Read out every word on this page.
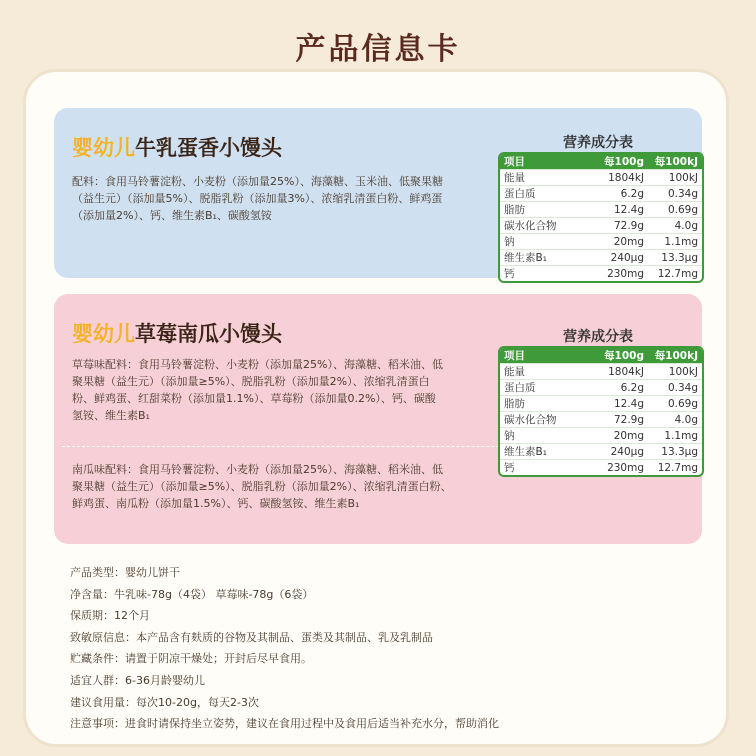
产品信息卡
婴幼儿牛乳蛋香小馒头
配料：食用马铃薯淀粉、小麦粉（添加量25%）、海藻糖、玉米油、低聚果糖（益生元）（添加量5%）、脱脂乳粉（添加量3%）、浓缩乳清蛋白粉、鲜鸡蛋（添加量2%）、钙、维生素B₁、碳酸氢铵
营养成分表
项目	每100g	每100kJ
能量	1804kJ	100kJ
蛋白质	6.2g	0.34g
脂肪	12.4g	0.69g
碳水化合物	72.9g	4.0g
钠	20mg	1.1mg
维生素B₁	240μg	13.3μg
钙	230mg	12.7mg
婴幼儿草莓南瓜小馒头
草莓味配料：食用马铃薯淀粉、小麦粉（添加量25%）、海藻糖、稻米油、低聚果糖（益生元）（添加量≥5%）、脱脂乳粉（添加量2%）、浓缩乳清蛋白粉、鲜鸡蛋、红甜菜粉（添加量1.1%）、草莓粉（添加量0.2%）、钙、碳酸氢铵、维生素B₁
南瓜味配料：食用马铃薯淀粉、小麦粉（添加量25%）、海藻糖、稻米油、低聚果糖（益生元）（添加量≥5%）、脱脂乳粉（添加量2%）、浓缩乳清蛋白粉、鲜鸡蛋、南瓜粉（添加量1.5%）、钙、碳酸氢铵、维生素B₁
营养成分表
项目	每100g	每100kJ
能量	1804kJ	100kJ
蛋白质	6.2g	0.34g
脂肪	12.4g	0.69g
碳水化合物	72.9g	4.0g
钠	20mg	1.1mg
维生素B₁	240μg	13.3μg
钙	230mg	12.7mg
产品类型：婴幼儿饼干
净含量：牛乳味-78g（4袋） 草莓味-78g（6袋）
保质期：12个月
致敏原信息：本产品含有麸质的谷物及其制品、蛋类及其制品、乳及乳制品
贮藏条件：请置于阴凉干燥处；开封后尽早食用。
适宜人群：6-36月龄婴幼儿
建议食用量：每次10-20g，每天2-3次
注意事项：进食时请保持坐立姿势，建议在食用过程中及食用后适当补充水分，帮助消化
